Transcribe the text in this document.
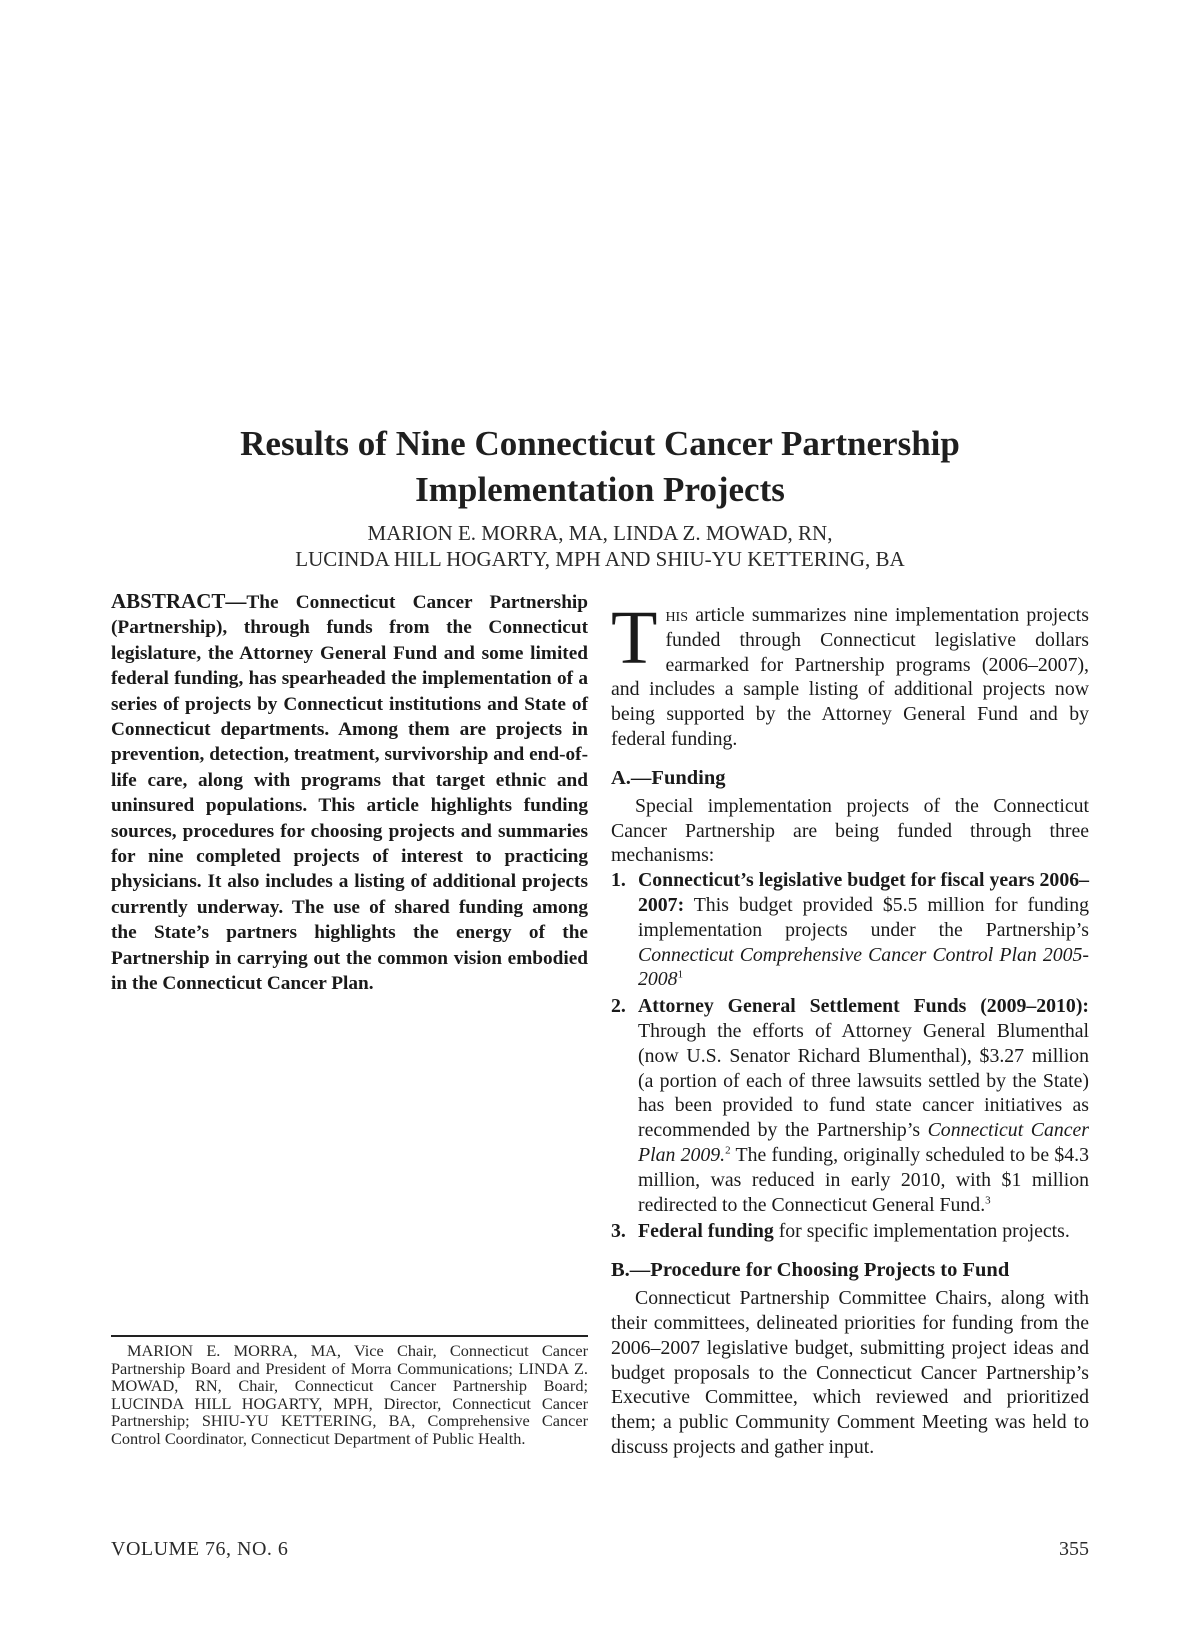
Results of Nine Connecticut Cancer Partnership
Implementation Projects
MARION E. MORRA, MA, LINDA Z. MOWAD, RN,
LUCINDA HILL HOGARTY, MPH AND SHIU-YU KETTERING, BA

ABSTRACT—The Connecticut Cancer Partnership (Partnership), through funds from the Connecticut legislature, the Attorney General Fund and some limited federal funding, has spearheaded the implementation of a series of projects by Connecticut institutions and State of Connecticut departments. Among them are projects in prevention, detection, treatment, survivorship and end-of-life care, along with programs that target ethnic and uninsured populations. This article highlights funding sources, procedures for choosing projects and summaries for nine completed projects of interest to practicing physicians. It also includes a listing of additional projects currently underway. The use of shared funding among the State’s partners highlights the energy of the Partnership in carrying out the common vision embodied in the Connecticut Cancer Plan.

MARION E. MORRA, MA, Vice Chair, Connecticut Cancer Partnership Board and President of Morra Communications; LINDA Z. MOWAD, RN, Chair, Connecticut Cancer Partnership Board; LUCINDA HILL HOGARTY, MPH, Director, Connecticut Cancer Partnership; SHIU-YU KETTERING, BA, Comprehensive Cancer Control Coordinator, Connecticut Department of Public Health.

This article summarizes nine implementation projects funded through Connecticut legislative dollars earmarked for Partnership programs (2006–2007), and includes a sample listing of additional projects now being supported by the Attorney General Fund and by federal funding.

A.—Funding

Special implementation projects of the Connecticut Cancer Partnership are being funded through three mechanisms:

1. Connecticut’s legislative budget for fiscal years 2006–2007: This budget provided $5.5 million for funding implementation projects under the Partnership’s Connecticut Comprehensive Cancer Control Plan 2005-2008$^1$
2. Attorney General Settlement Funds (2009–2010): Through the efforts of Attorney General Blumenthal (now U.S. Senator Richard Blumenthal), $3.27 million (a portion of each of three lawsuits settled by the State) has been provided to fund state cancer initiatives as recommended by the Partnership’s Connecticut Cancer Plan 2009.$^2$ The funding, originally scheduled to be $4.3 million, was reduced in early 2010, with $1 million redirected to the Connecticut General Fund.$^3$
3. Federal funding for specific implementation projects.
B.—Procedure for Choosing Projects to Fund

Connecticut Partnership Committee Chairs, along with their committees, delineated priorities for funding from the 2006–2007 legislative budget, submitting project ideas and budget proposals to the Connecticut Cancer Partnership’s Executive Committee, which reviewed and prioritized them; a public Community Comment Meeting was held to discuss projects and gather input.

VOLUME 76, NO. 6	355
